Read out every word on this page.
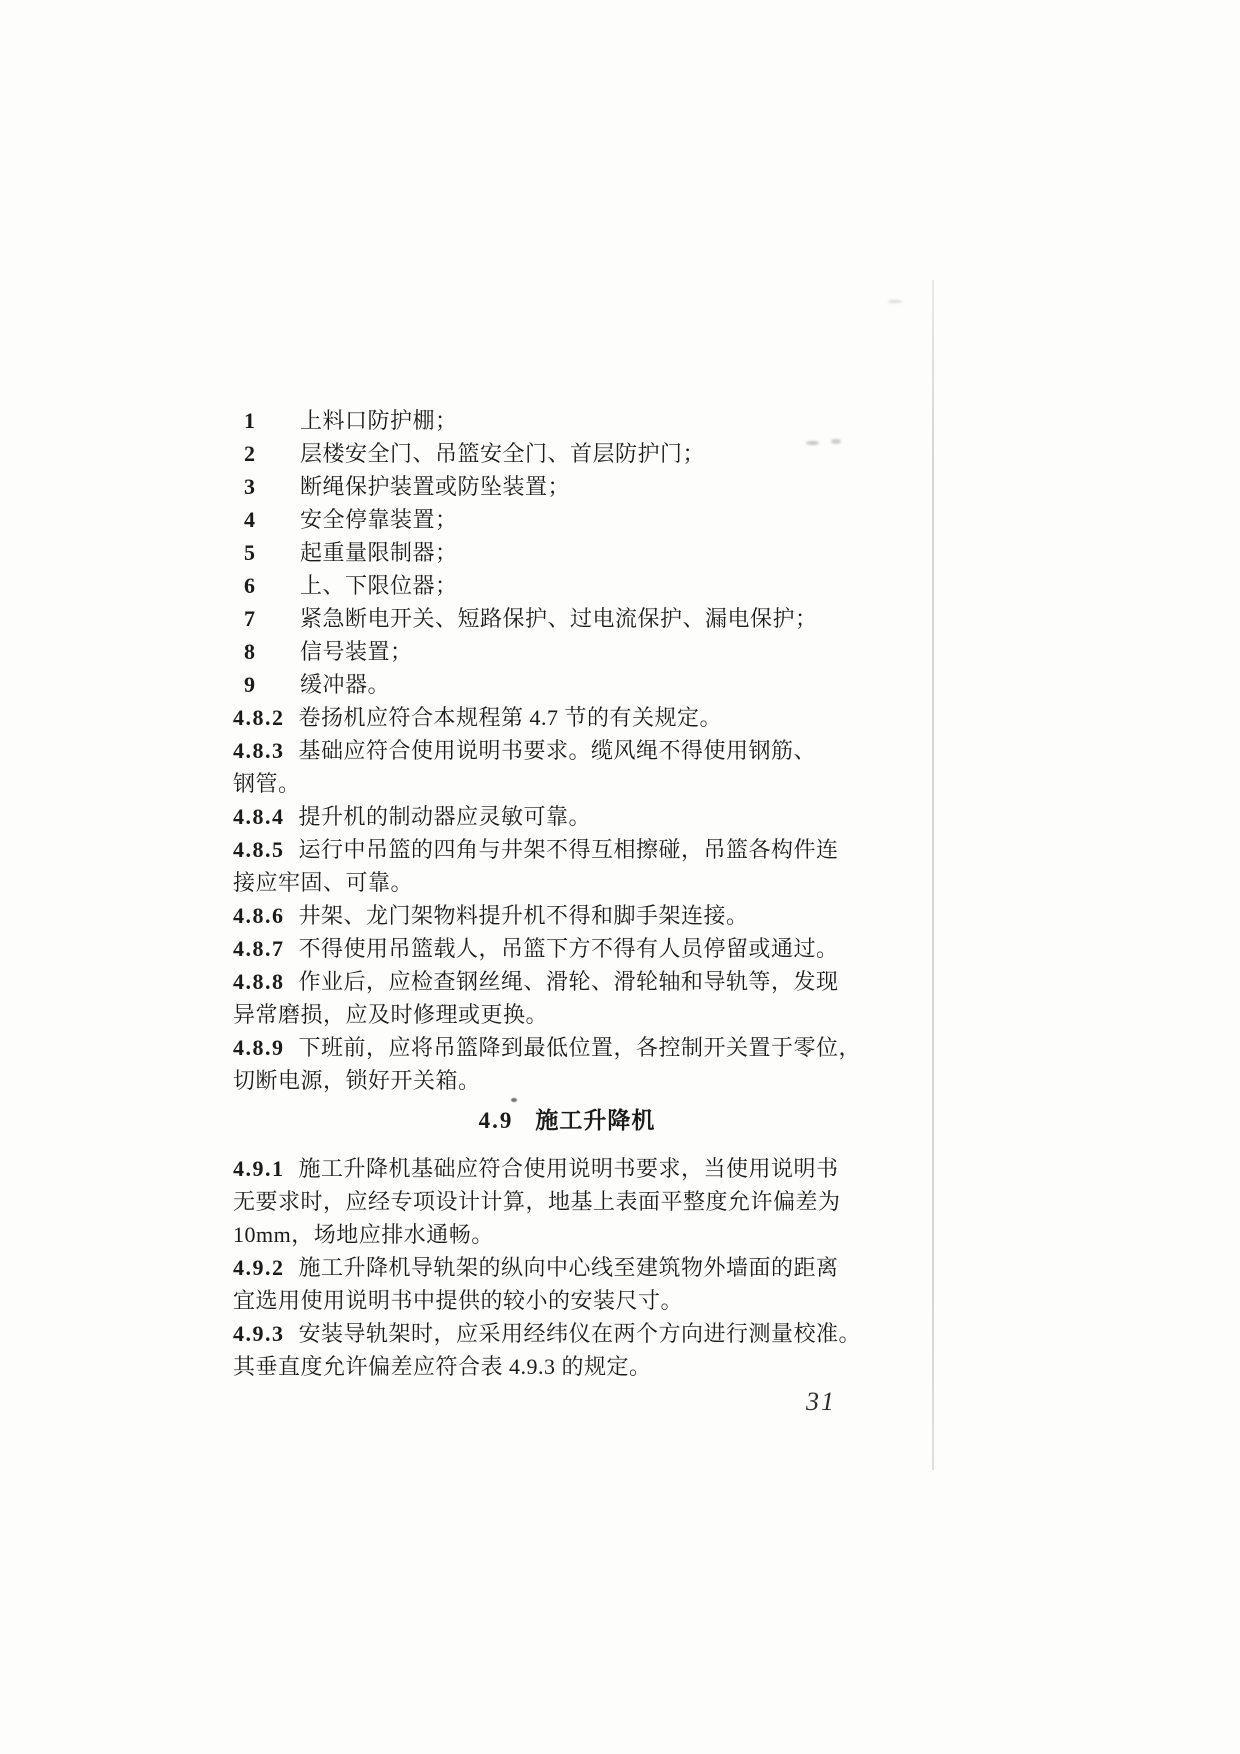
1 上料口防护棚；
2 层楼安全门、吊篮安全门、首层防护门；
3 断绳保护装置或防坠装置；
4 安全停靠装置；
5 起重量限制器；
6 上、下限位器；
7 紧急断电开关、短路保护、过电流保护、漏电保护；
8 信号装置；
9 缓冲器。
4.8.2 卷扬机应符合本规程第 4.7 节的有关规定。
4.8.3 基础应符合使用说明书要求。缆风绳不得使用钢筋、
钢管。
4.8.4 提升机的制动器应灵敏可靠。
4.8.5 运行中吊篮的四角与井架不得互相擦碰，吊篮各构件连
接应牢固、可靠。
4.8.6 井架、龙门架物料提升机不得和脚手架连接。
4.8.7 不得使用吊篮载人，吊篮下方不得有人员停留或通过。
4.8.8 作业后，应检查钢丝绳、滑轮、滑轮轴和导轨等，发现
异常磨损，应及时修理或更换。
4.8.9 下班前，应将吊篮降到最低位置，各控制开关置于零位，
切断电源，锁好开关箱。
4.9 施工升降机
4.9.1 施工升降机基础应符合使用说明书要求，当使用说明书
无要求时，应经专项设计计算，地基上表面平整度允许偏差为
10mm，场地应排水通畅。
4.9.2 施工升降机导轨架的纵向中心线至建筑物外墙面的距离
宜选用使用说明书中提供的较小的安装尺寸。
4.9.3 安装导轨架时，应采用经纬仪在两个方向进行测量校准。
其垂直度允许偏差应符合表 4.9.3 的规定。
31
